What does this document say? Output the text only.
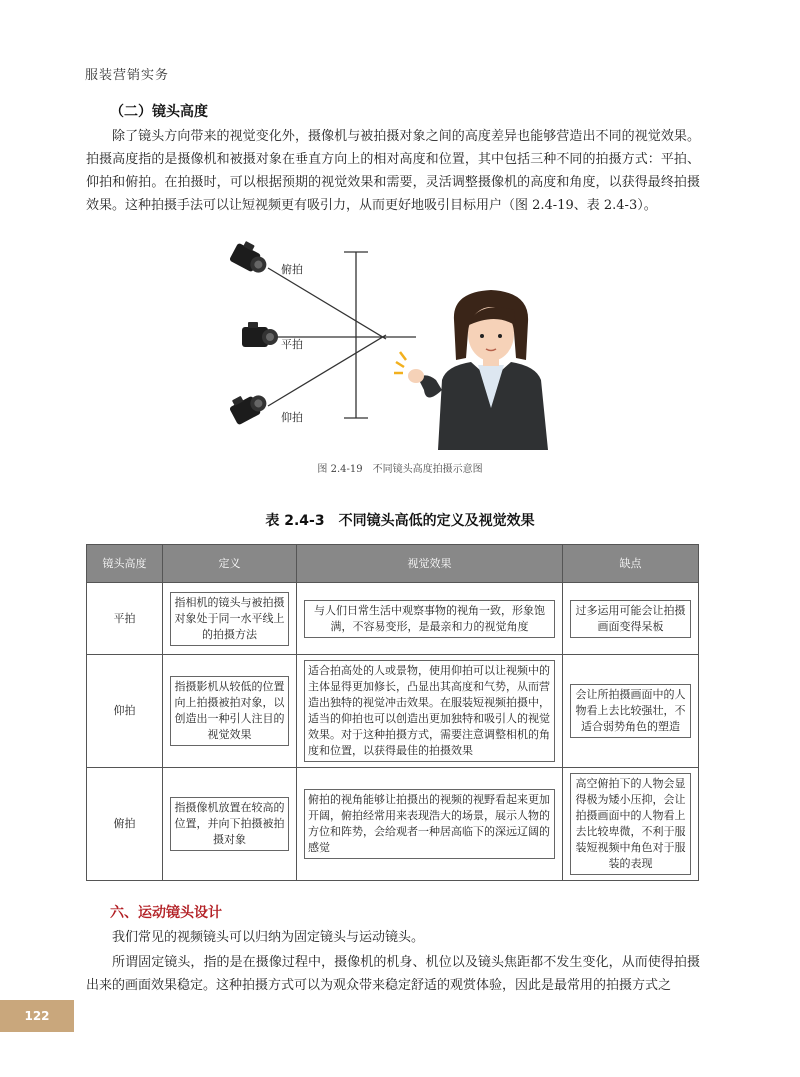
服装营销实务
（二）镜头高度

除了镜头方向带来的视觉变化外，摄像机与被拍摄对象之间的高度差异也能够营造出不同的视觉效果。拍摄高度指的是摄像机和被摄对象在垂直方向上的相对高度和位置，其中包括三种不同的拍摄方式：平拍、仰拍和俯拍。在拍摄时，可以根据预期的视觉效果和需要，灵活调整摄像机的高度和角度，以获得最终拍摄效果。这种拍摄手法可以让短视频更有吸引力，从而更好地吸引目标用户（图 2.4-19、表 2.4-3）。

俯拍
平拍
仰拍
图 2.4-19　不同镜头高度拍摄示意图
表 2.4-3　不同镜头高低的定义及视觉效果
镜头高度	定义	视觉效果	缺点
平拍	指相机的镜头与被拍摄对象处于同一水平线上的拍摄方法	与人们日常生活中观察事物的视角一致，形象饱满，不容易变形，是最亲和力的视觉角度	过多运用可能会让拍摄画面变得呆板

仰拍	指摄影机从较低的位置向上拍摄被拍对象，以创造出一种引人注目的视觉效果	适合拍高处的人或景物，使用仰拍可以让视频中的主体显得更加修长，凸显出其高度和气势，从而营造出独特的视觉冲击效果。在服装短视频拍摄中，适当的仰拍也可以创造出更加独特和吸引人的视觉效果。对于这种拍摄方式，需要注意调整相机的角度和位置，以获得最佳的拍摄效果	会让所拍摄画面中的人物看上去比较强壮，不适合弱势角色的塑造

俯拍	指摄像机放置在较高的位置，并向下拍摄被拍摄对象	俯拍的视角能够让拍摄出的视频的视野看起来更加开阔，俯拍经常用来表现浩大的场景，展示人物的方位和阵势，会给观者一种居高临下的深远辽阔的感觉	高空俯拍下的人物会显得极为矮小压抑，会让拍摄画面中的人物看上去比较卑微，不利于服装短视频中角色对于服装的表现
六、运动镜头设计

我们常见的视频镜头可以归纳为固定镜头与运动镜头。

所谓固定镜头，指的是在摄像过程中，摄像机的机身、机位以及镜头焦距都不发生变化，从而使得拍摄出来的画面效果稳定。这种拍摄方式可以为观众带来稳定舒适的观赏体验，因此是最常用的拍摄方式之

122
